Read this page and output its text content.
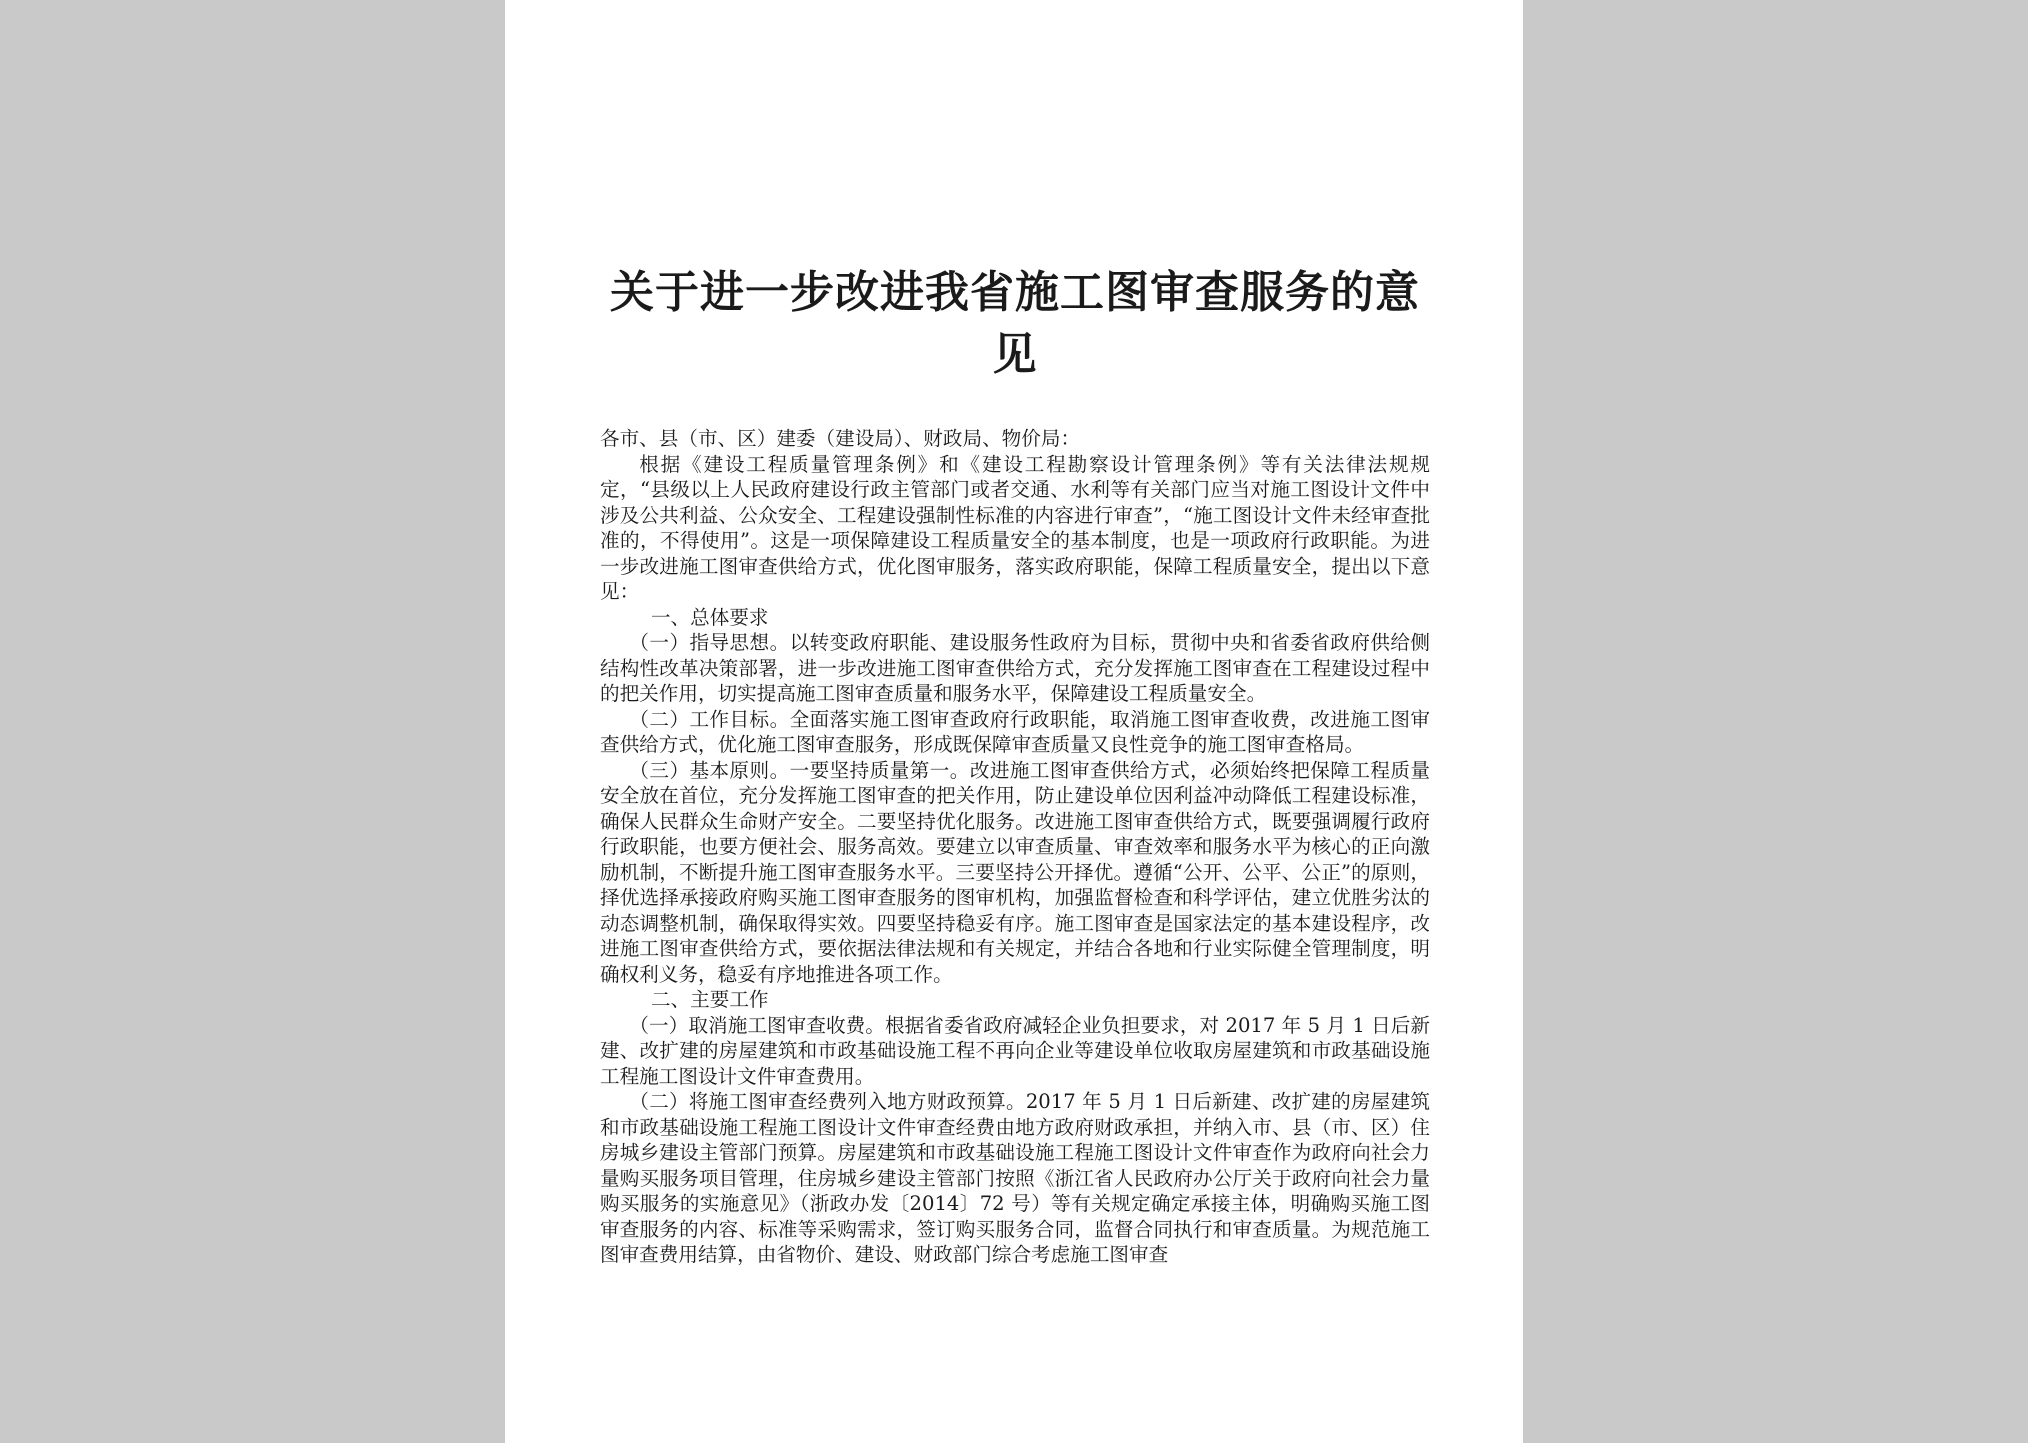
关于进一步改进我省施工图审查服务的意见

各市、县（市、区）建委（建设局）、财政局、物价局：

根据《建设工程质量管理条例》和《建设工程勘察设计管理条例》等有关法律法规规定，“县级以上人民政府建设行政主管部门或者交通、水利等有关部门应当对施工图设计文件中涉及公共利益、公众安全、工程建设强制性标准的内容进行审查”，“施工图设计文件未经审查批准的，不得使用”。这是一项保障建设工程质量安全的基本制度，也是一项政府行政职能。为进一步改进施工图审查供给方式，优化图审服务，落实政府职能，保障工程质量安全，提出以下意见：

一、总体要求

（一）指导思想。以转变政府职能、建设服务性政府为目标，贯彻中央和省委省政府供给侧结构性改革决策部署，进一步改进施工图审查供给方式，充分发挥施工图审查在工程建设过程中的把关作用，切实提高施工图审查质量和服务水平，保障建设工程质量安全。

（二）工作目标。全面落实施工图审查政府行政职能，取消施工图审查收费，改进施工图审查供给方式，优化施工图审查服务，形成既保障审查质量又良性竞争的施工图审查格局。

（三）基本原则。一要坚持质量第一。改进施工图审查供给方式，必须始终把保障工程质量安全放在首位，充分发挥施工图审查的把关作用，防止建设单位因利益冲动降低工程建设标准，确保人民群众生命财产安全。二要坚持优化服务。改进施工图审查供给方式，既要强调履行政府行政职能，也要方便社会、服务高效。要建立以审查质量、审查效率和服务水平为核心的正向激励机制，不断提升施工图审查服务水平。三要坚持公开择优。遵循“公开、公平、公正”的原则，择优选择承接政府购买施工图审查服务的图审机构，加强监督检查和科学评估，建立优胜劣汰的动态调整机制，确保取得实效。四要坚持稳妥有序。施工图审查是国家法定的基本建设程序，改进施工图审查供给方式，要依据法律法规和有关规定，并结合各地和行业实际健全管理制度，明确权利义务，稳妥有序地推进各项工作。

二、主要工作

（一）取消施工图审查收费。根据省委省政府减轻企业负担要求，对 2017 年 5 月 1 日后新建、改扩建的房屋建筑和市政基础设施工程不再向企业等建设单位收取房屋建筑和市政基础设施工程施工图设计文件审查费用。

（二）将施工图审查经费列入地方财政预算。2017 年 5 月 1 日后新建、改扩建的房屋建筑和市政基础设施工程施工图设计文件审查经费由地方政府财政承担，并纳入市、县（市、区）住房城乡建设主管部门预算。房屋建筑和市政基础设施工程施工图设计文件审查作为政府向社会力量购买服务项目管理，住房城乡建设主管部门按照《浙江省人民政府办公厅关于政府向社会力量购买服务的实施意见》（浙政办发〔2014〕72 号）等有关规定确定承接主体，明确购买施工图审查服务的内容、标准等采购需求，签订购买服务合同，监督合同执行和审查质量。为规范施工图审查费用结算，由省物价、建设、财政部门综合考虑施工图审查
